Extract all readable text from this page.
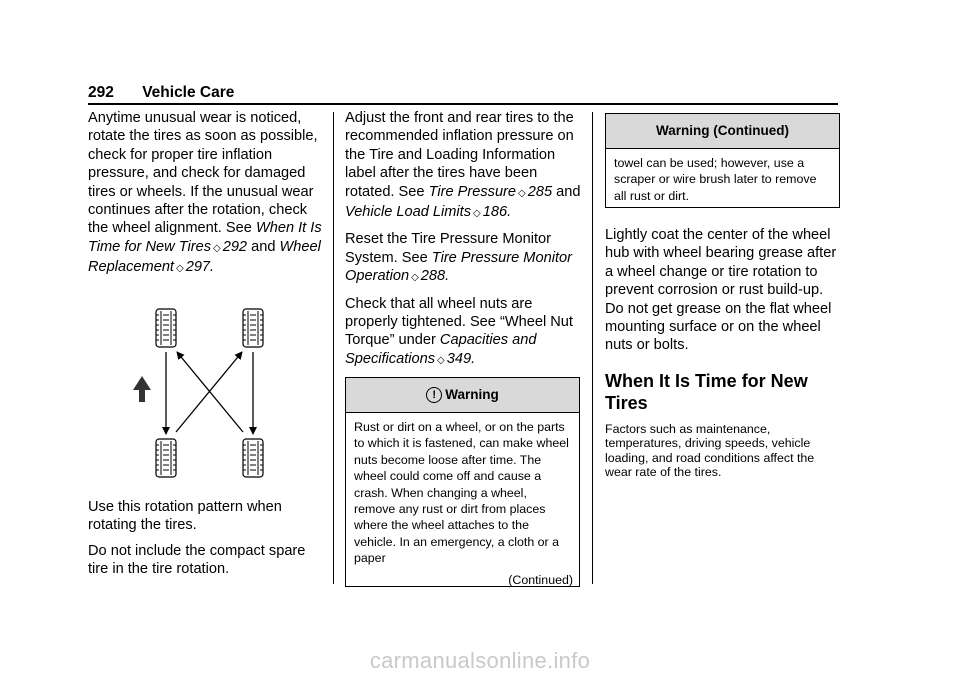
292 Vehicle Care

Anytime unusual wear is noticed, rotate the tires as soon as possible, check for proper tire inflation pressure, and check for damaged tires or wheels. If the unusual wear continues after the rotation, check the wheel alignment. See When It Is Time for New Tires ◇ 292 and Wheel Replacement ◇ 297.

Use this rotation pattern when rotating the tires.

Do not include the compact spare tire in the tire rotation.

Adjust the front and rear tires to the recommended inflation pressure on the Tire and Loading Information label after the tires have been rotated. See Tire Pressure ◇ 285 and Vehicle Load Limits ◇ 186.

Reset the Tire Pressure Monitor System. See Tire Pressure Monitor Operation ◇ 288.

Check that all wheel nuts are properly tightened. See “Wheel Nut Torque” under Capacities and Specifications ◇ 349.

! Warning

Rust or dirt on a wheel, or on the parts to which it is fastened, can make wheel nuts become loose after time. The wheel could come off and cause a crash. When changing a wheel, remove any rust or dirt from places where the wheel attaches to the vehicle. In an emergency, a cloth or a paper

(Continued)
Warning (Continued)

towel can be used; however, use a scraper or wire brush later to remove all rust or dirt.

Lightly coat the center of the wheel hub with wheel bearing grease after a wheel change or tire rotation to prevent corrosion or rust build-up. Do not get grease on the flat wheel mounting surface or on the wheel nuts or bolts.

When It Is Time for New Tires

Factors such as maintenance, temperatures, driving speeds, vehicle loading, and road conditions affect the wear rate of the tires.

carmanualsonline.info
